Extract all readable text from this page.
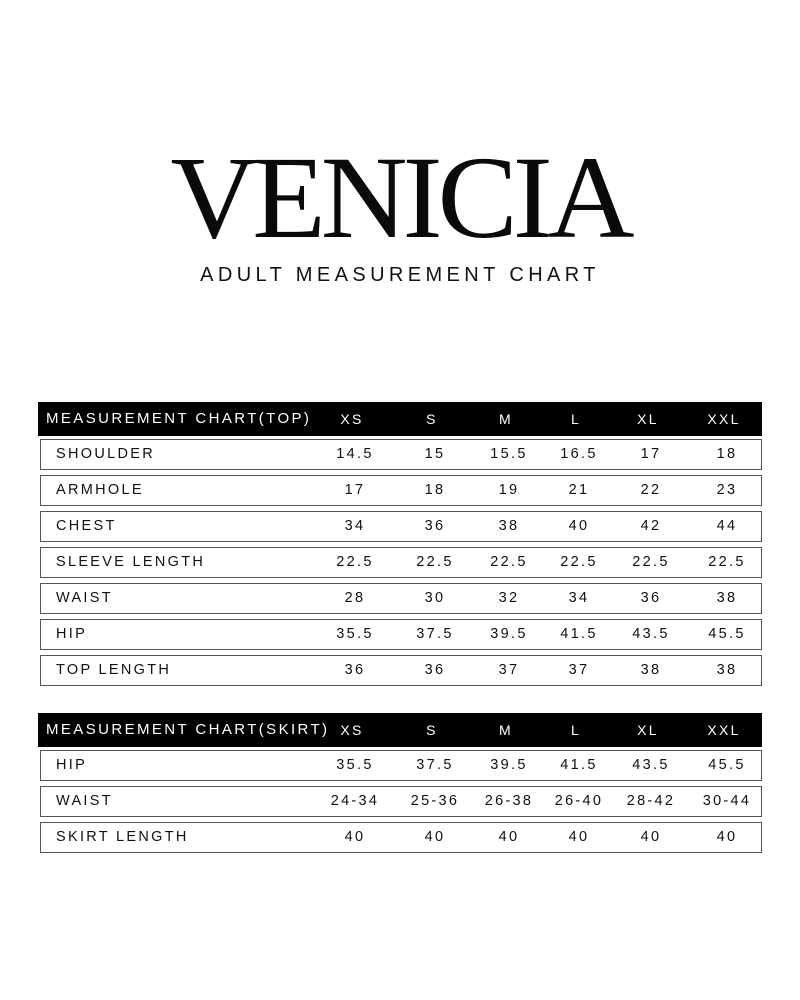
VENICIA
ADULT MEASUREMENT CHART
MEASUREMENT CHART(TOP)	XS	S	M	L	XL	XXL
SHOULDER	14.5	15	15.5	16.5	17	18
ARMHOLE	17	18	19	21	22	23
CHEST	34	36	38	40	42	44
SLEEVE LENGTH	22.5	22.5	22.5	22.5	22.5	22.5
WAIST	28	30	32	34	36	38
HIP	35.5	37.5	39.5	41.5	43.5	45.5
TOP LENGTH	36	36	37	37	38	38
MEASUREMENT CHART(SKIRT) XS	S	M	L	XL	XXL
HIP	35.5	37.5	39.5	41.5	43.5	45.5
WAIST	24-34	25-36	26-38	26-40	28-42	30-44
SKIRT LENGTH	40	40	40	40	40	40
